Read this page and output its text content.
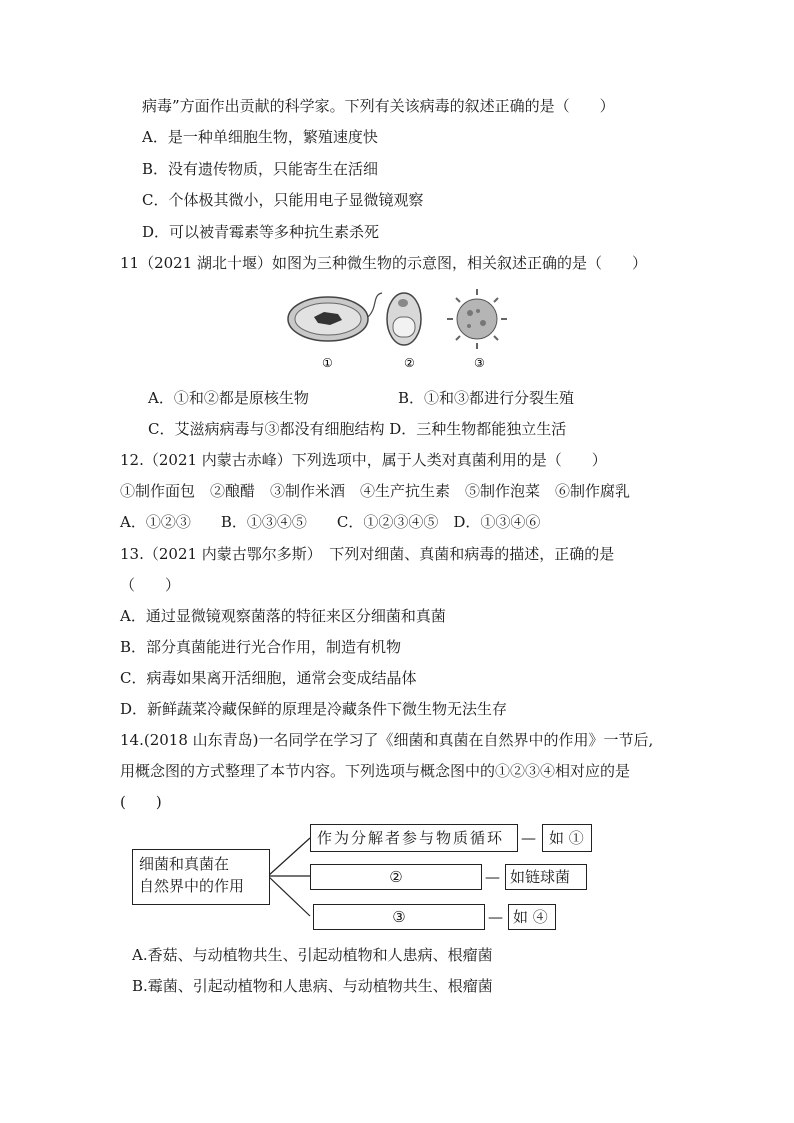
病毒”方面作出贡献的科学家。下列有关该病毒的叙述正确的是（　　）
A．是一种单细胞生物，繁殖速度快
B．没有遗传物质，只能寄生在活细
C．个体极其微小，只能用电子显微镜观察
D．可以被青霉素等多种抗生素杀死
11（2021 湖北十堰）如图为三种微生物的示意图，相关叙述正确的是（　　）
①	②	③
A．①和②都是原核生物	B．①和③都进行分裂生殖
C．艾滋病病毒与③都没有细胞结构 D．三种生物都能独立生活
12.（2021 内蒙古赤峰）下列选项中，属于人类对真菌利用的是（　　）
①制作面包　②酿醋　③制作米酒　④生产抗生素　⑤制作泡菜　⑥制作腐乳
A．①②③　　B．①③④⑤　　C．①②③④⑤　D．①③④⑥
13.（2021 内蒙古鄂尔多斯）　下列对细菌、真菌和病毒的描述，正确的是
（　　）
A．通过显微镜观察菌落的特征来区分细菌和真菌
B．部分真菌能进行光合作用，制造有机物
C．病毒如果离开活细胞，通常会变成结晶体
D．新鲜蔬菜冷藏保鲜的原理是冷藏条件下微生物无法生存
14.(2018 山东青岛)一名同学在学习了《细菌和真菌在自然界中的作用》一节后,
用概念图的方式整理了本节内容。下列选项与概念图中的①②③④相对应的是
(　　)
细菌和真菌在
自然界中的作用
作为分解者参与物质循环	— 如 ①
②	— 如链球菌
③	— 如 ④
A.香菇、与动植物共生、引起动植物和人患病、根瘤菌
B.霉菌、引起动植物和人患病、与动植物共生、根瘤菌
